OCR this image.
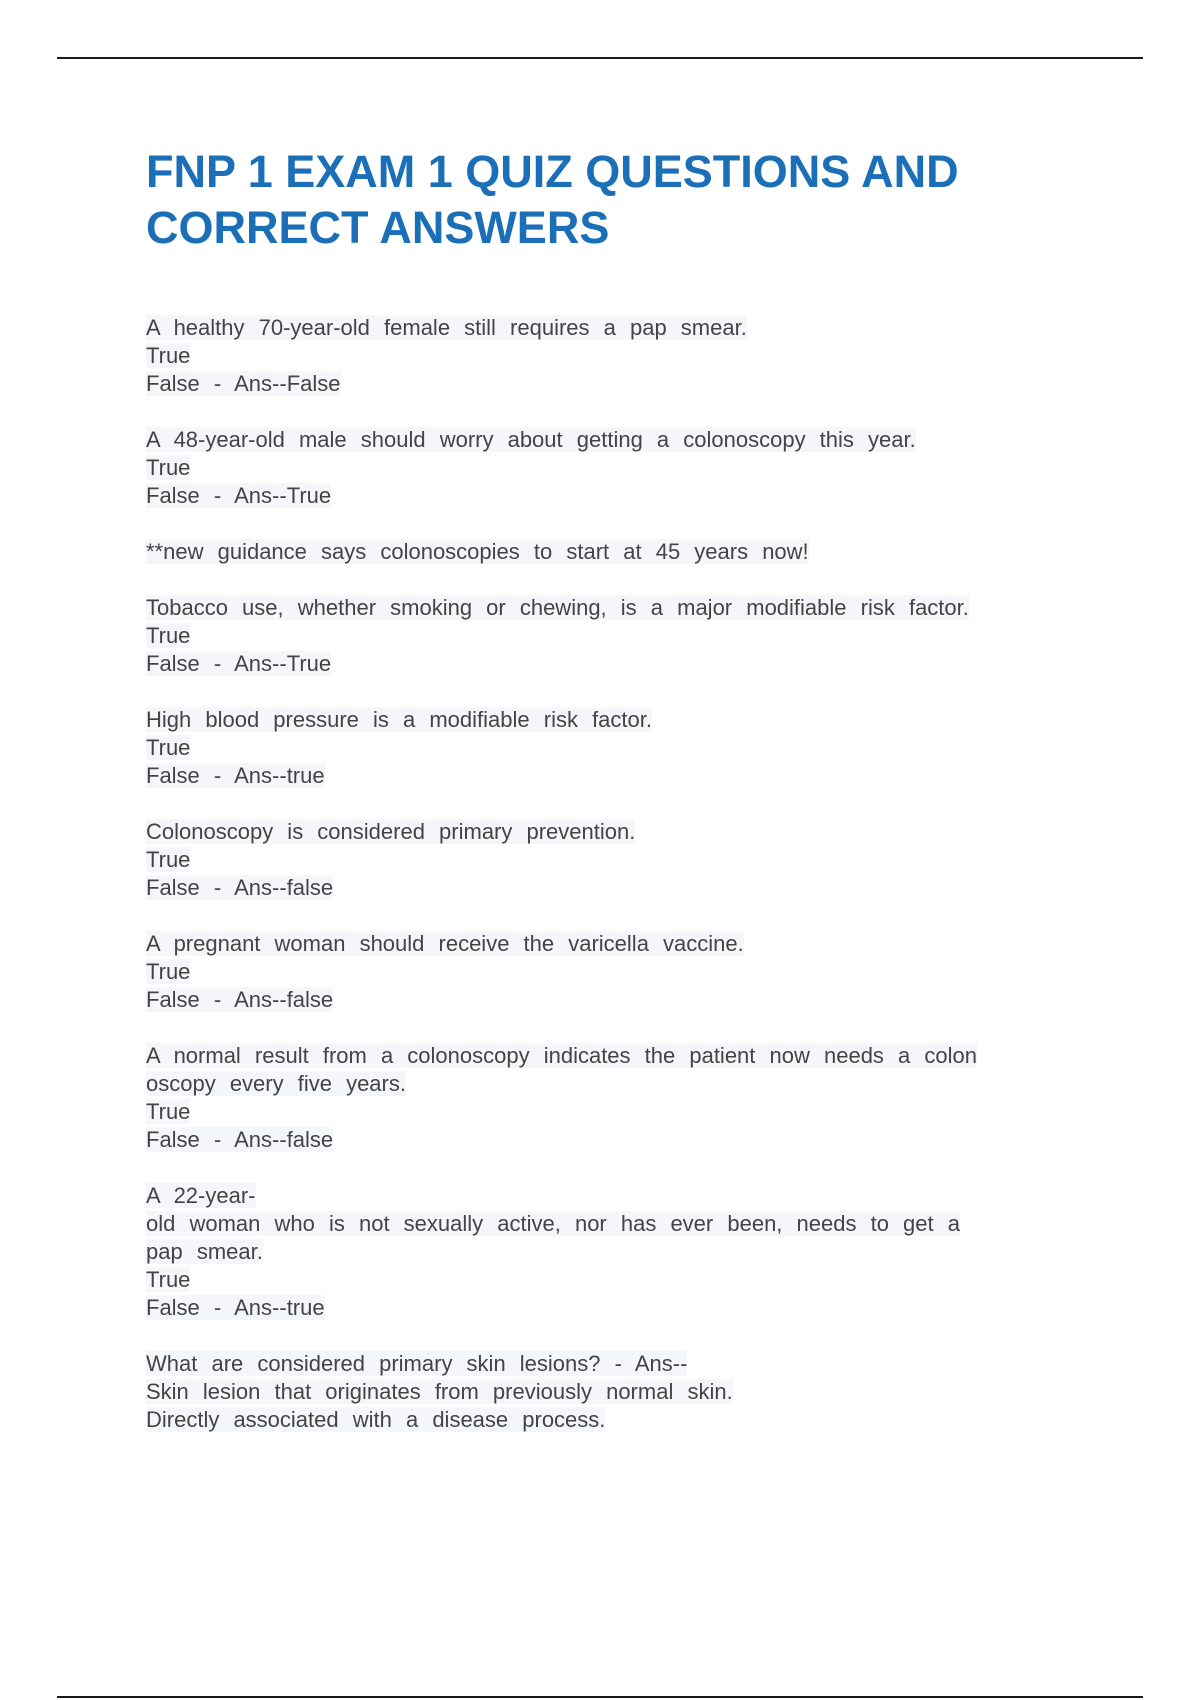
FNP 1 EXAM 1 QUIZ QUESTIONS AND
CORRECT ANSWERS
A healthy 70-year-old female still requires a pap smear.
True
False - Ans--False
A 48-year-old male should worry about getting a colonoscopy this year.
True
False - Ans--True
**new guidance says colonoscopies to start at 45 years now!
Tobacco use, whether smoking or chewing, is a major modifiable risk factor.
True
False - Ans--True
High blood pressure is a modifiable risk factor.
True
False - Ans--true
Colonoscopy is considered primary prevention.
True
False - Ans--false
A pregnant woman should receive the varicella vaccine.
True
False - Ans--false
A normal result from a colonoscopy indicates the patient now needs a colon
oscopy every five years.
True
False - Ans--false
A 22-year-
old woman who is not sexually active, nor has ever been, needs to get a
pap smear.
True
False - Ans--true
What are considered primary skin lesions? - Ans--
Skin lesion that originates from previously normal skin.
Directly associated with a disease process.
